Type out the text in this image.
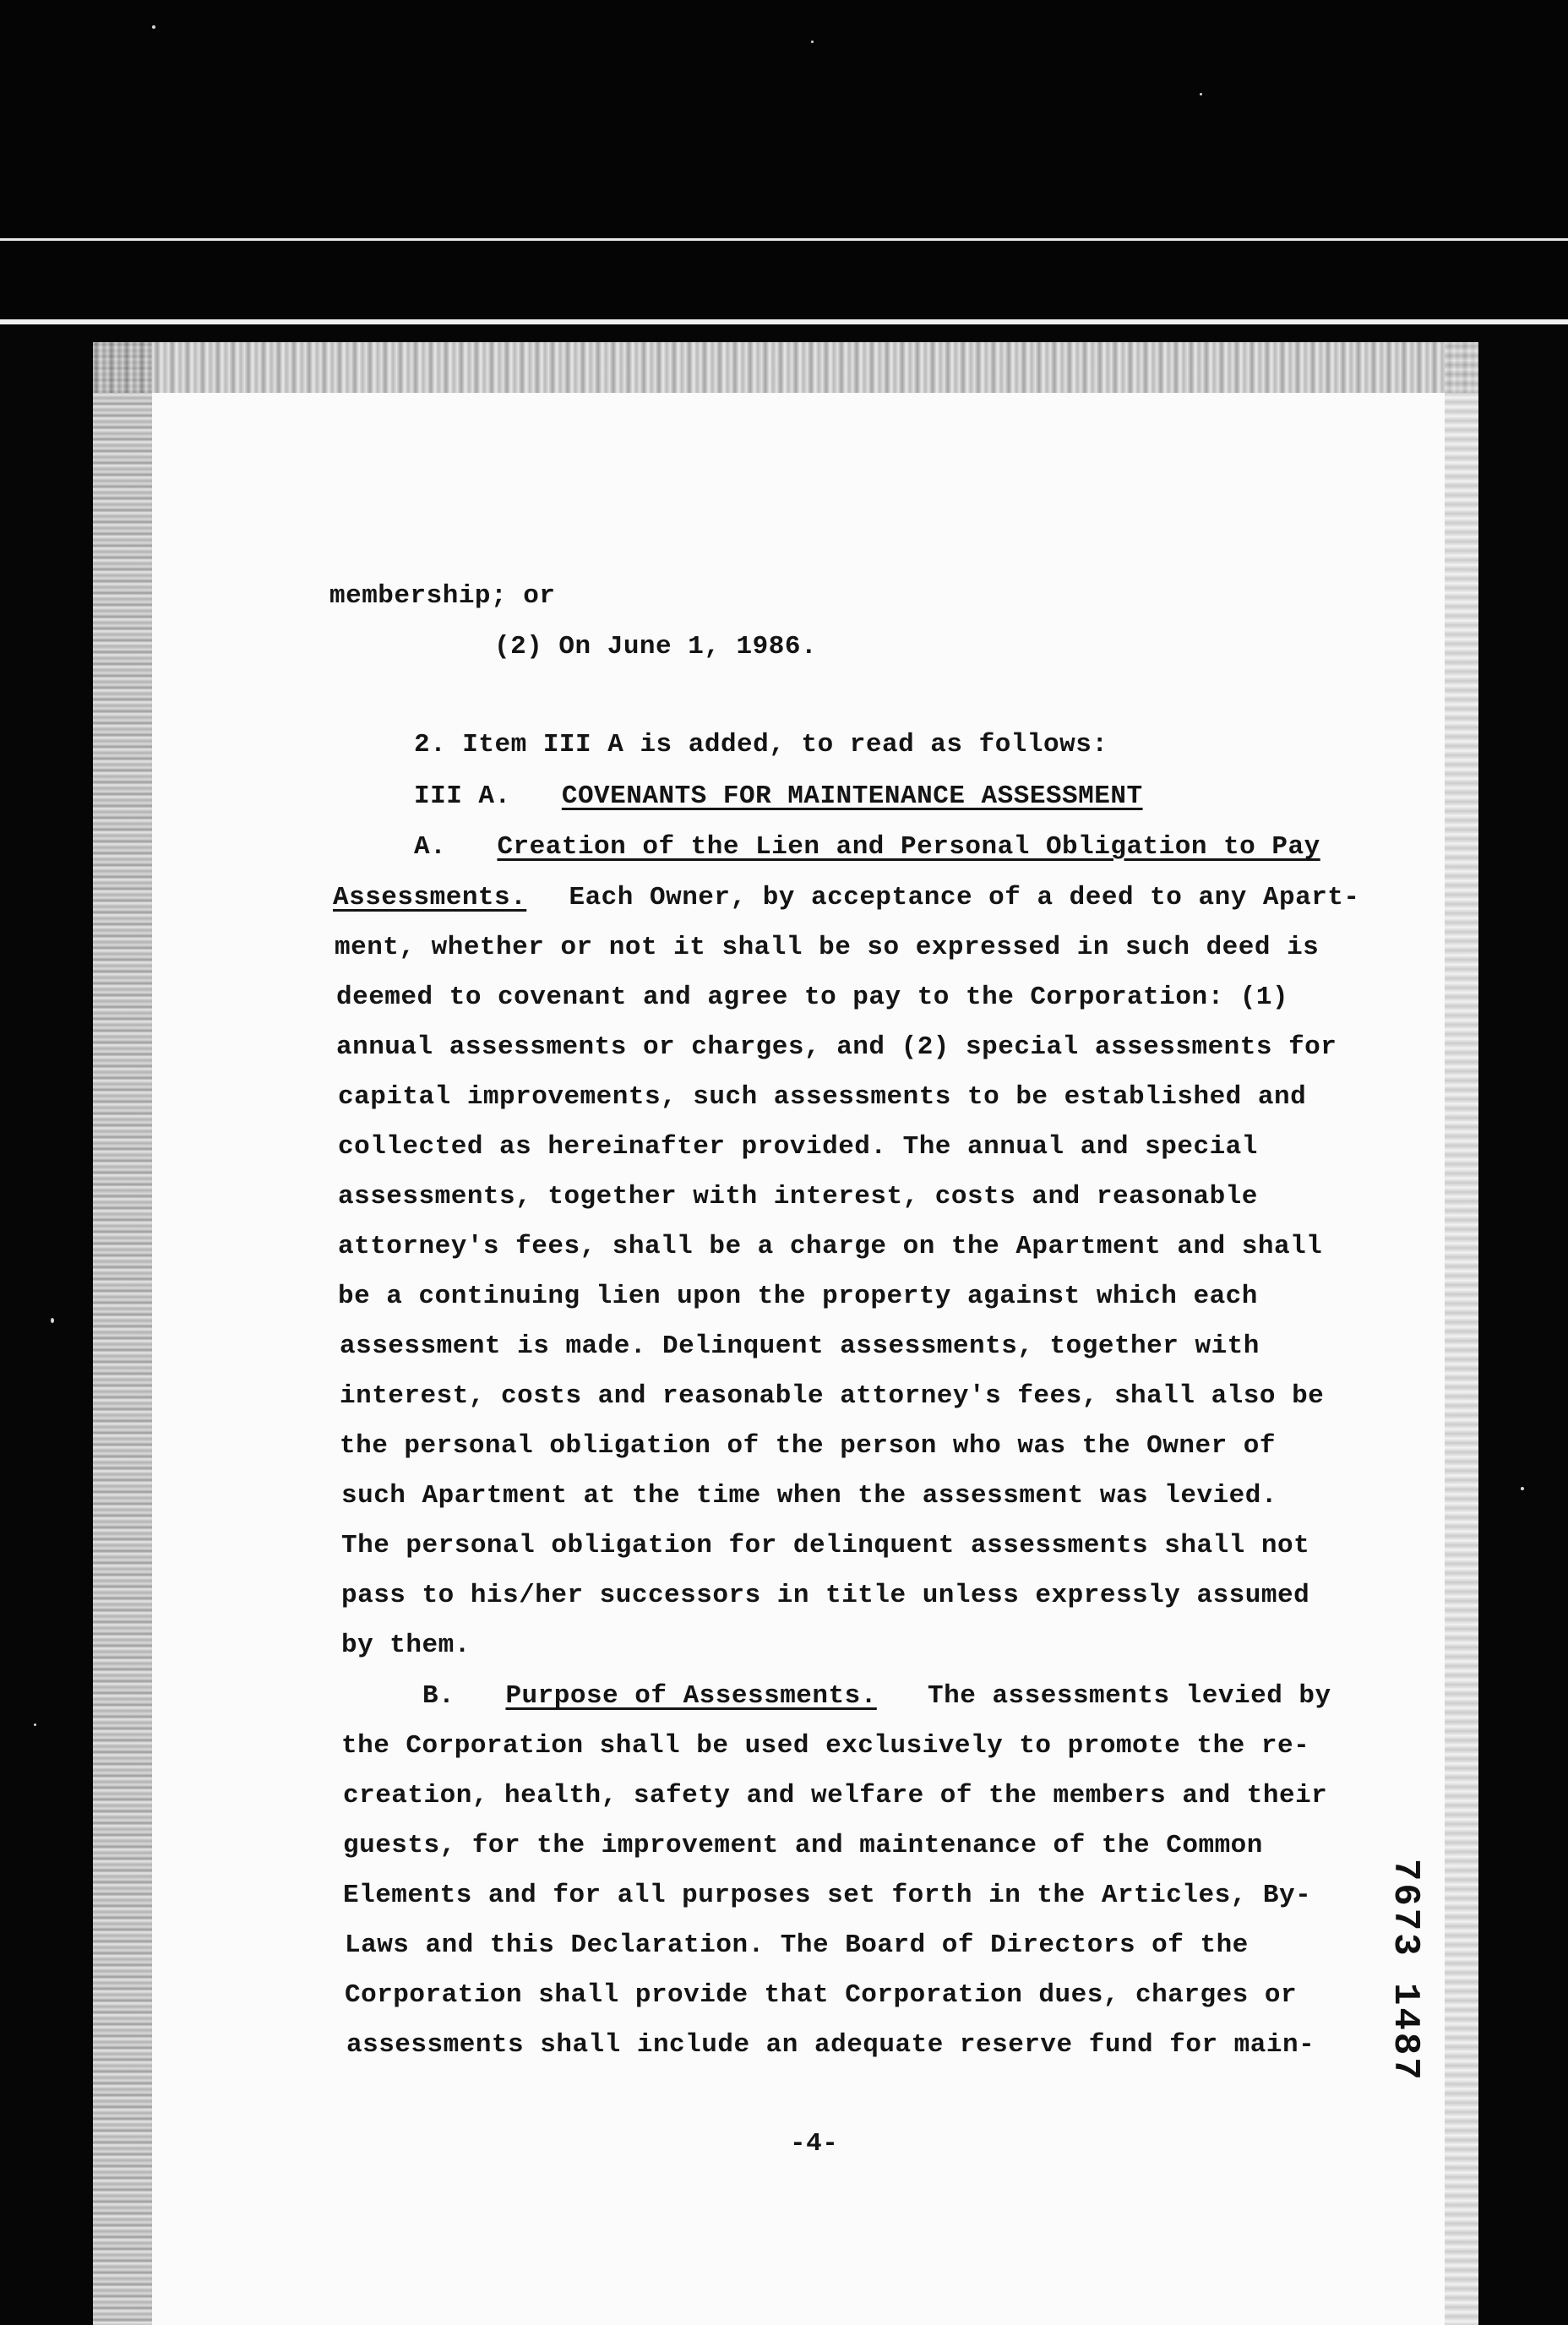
membership; or
(2) On June 1, 1986.
2. Item III A is added, to read as follows:
III A. COVENANTS FOR MAINTENANCE ASSESSMENT
A. Creation of the Lien and Personal Obligation to Pay
Assessments. Each Owner, by acceptance of a deed to any Apart-
ment, whether or not it shall be so expressed in such deed is
deemed to covenant and agree to pay to the Corporation: (1)
annual assessments or charges, and (2) special assessments for
capital improvements, such assessments to be established and
collected as hereinafter provided. The annual and special
assessments, together with interest, costs and reasonable
attorney's fees, shall be a charge on the Apartment and shall
be a continuing lien upon the property against which each
assessment is made. Delinquent assessments, together with
interest, costs and reasonable attorney's fees, shall also be
the personal obligation of the person who was the Owner of
such Apartment at the time when the assessment was levied.
The personal obligation for delinquent assessments shall not
pass to his/her successors in title unless expressly assumed
by them.
B. Purpose of Assessments. The assessments levied by
the Corporation shall be used exclusively to promote the re-
creation, health, safety and welfare of the members and their
guests, for the improvement and maintenance of the Common
Elements and for all purposes set forth in the Articles, By-
Laws and this Declaration. The Board of Directors of the
Corporation shall provide that Corporation dues, charges or
assessments shall include an adequate reserve fund for main-
-4-
7673 1487
